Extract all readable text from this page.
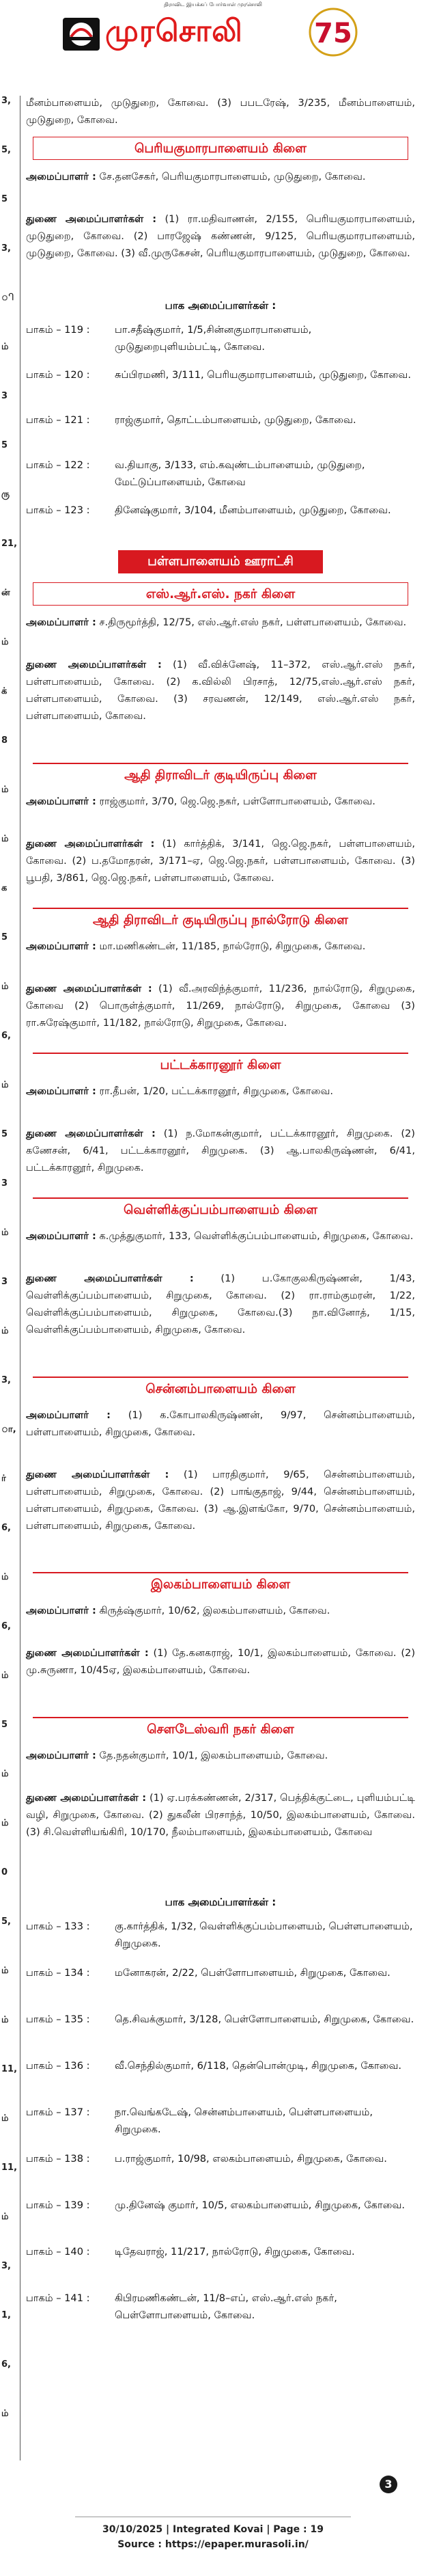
திராவிட இயக்கப் போர்வாள் முரசொலி
முரசொலி	75
3,
5,
5
3,
ி
ம்
3
5
ரு
21,
ன்
ம்
க்
8
ம்
ம்
க
5
ம்
6,
ம்
5
3
ம்
3
ம்
3,
ா,
ர்
6,
ம்
6,
ம்
5
ம்
ம்
0
5,
ம்
ம்
11,
ம்
11,
ம்
3,
1,
6,
ம்
மீனம்பாளையம், முடுதுறை, கோவை. (3) பபடரேஷ், 3/235, மீனம்பாளையம், முடுதுறை, கோவை.
பெரியகுமாரபாளையம் கிளை
அமைப்பாளர் : சே.தனசேகர், பெரியகுமாரபாளையம், முடுதுறை, கோவை.
துணை அமைப்பாளர்கள் : (1) ரா.மதிவாணன், 2/155, பெரியகுமாரபாளையம், முடுதுறை, கோவை. (2) பாரஜேஷ் கண்ணன், 9/125, பெரியகுமாரபாளையம், முடுதுறை, கோவை. (3) வீ.முருகேசன், பெரியகுமாரபாளையம், முடுதுறை, கோவை.
பாக அமைப்பாளர்கள் :
பாகம் – 119 :	பா.சதீஷ்குமார், 1/5,சின்னகுமாரபாளையம், முடுதுறைபுளியம்பட்டி, கோவை.
பாகம் – 120 :	சுப்பிரமணி, 3/111, பெரியகுமாரபாளையம், முடுதுறை, கோவை.
பாகம் – 121 :	ராஜ்குமார், தொட்டம்பாளையம், முடுதுறை, கோவை.
பாகம் – 122 :	வ.தியாகு, 3/133, எம்.கவுண்டம்பாளையம், முடுதுறை, மேட்டுப்பாளையம், கோவை
பாகம் – 123 :	தினேஷ்குமார், 3/104, மீனம்பாளையம், முடுதுறை, கோவை.
பள்ளபாளையம் ஊராட்சி
எஸ்.ஆர்.எஸ். நகர் கிளை
அமைப்பாளர் : ச.திருமூர்த்தி, 12/75, எஸ்.ஆர்.எஸ் நகர், பள்ளபாளையம், கோவை.
துணை அமைப்பாளர்கள் : (1) வீ.விக்னேஷ், 11–372, எஸ்.ஆர்.எஸ் நகர், பள்ளபாளையம், கோவை. (2) க.வில்லி பிரசாத், 12/75,எஸ்.ஆர்.எஸ் நகர், பள்ளபாளையம், கோவை. (3) சரவணன், 12/149, எஸ்.ஆர்.எஸ் நகர், பள்ளபாளையம், கோவை.
ஆதி திராவிடர் குடியிருப்பு கிளை
அமைப்பாளர் : ராஜ்குமார், 3/70, ஜெ.ஜெ.நகர், பள்ளோபாளையம், கோவை.
துணை அமைப்பாளர்கள் : (1) கார்த்திக், 3/141, ஜெ.ஜெ.நகர், பள்ளபாளையம், கோவை. (2) ப.தமோதரன், 3/171–ஏ, ஜெ.ஜெ.நகர், பள்ளபாளையம், கோவை. (3) பூபதி, 3/861, ஜெ.ஜெ.நகர், பள்ளபாளையம், கோவை.
ஆதி திராவிடர் குடியிருப்பு நால்ரோடு கிளை
அமைப்பாளர் : மா.மணிகண்டன், 11/185, நால்ரோடு, சிறுமுகை, கோவை.
துணை அமைப்பாளர்கள் : (1) வீ.அரவிந்த்குமார், 11/236, நால்ரோடு, சிறுமுகை, கோவை (2) பொருள்த்குமார், 11/269, நால்ரோடு, சிறுமுகை, கோவை (3) ரா.சுரேஷ்குமார், 11/182, நால்ரோடு, சிறுமுகை, கோவை.
பட்டக்காரனூர் கிளை
அமைப்பாளர் : ரா.தீபன், 1/20, பட்டக்காரனூர், சிறுமுகை, கோவை.
துணை அமைப்பாளர்கள் : (1) ந.மோகன்குமார், பட்டக்காரனூர், சிறுமுகை. (2) கணேசன், 6/41, பட்டக்காரனூர், சிறுமுகை. (3) ஆ.பாலகிருஷ்ணன், 6/41, பட்டக்காரனூர், சிறுமுகை.
வெள்ளிக்குப்பம்பாளையம் கிளை
அமைப்பாளர் : க.முத்துகுமார், 133, வெள்ளிக்குப்பம்பாளையம், சிறுமுகை, கோவை.
துணை அமைப்பாளர்கள் :	(1) ப.கோகுலகிருஷ்ணன், 1/43, வெள்ளிக்குப்பம்பாளையம், சிறுமுகை, கோவை. (2) ரா.ராம்குமரன், 1/22, வெள்ளிக்குப்பம்பாளையம், சிறுமுகை, கோவை.(3) நா.வினோத், 1/15, வெள்ளிக்குப்பம்பாளையம், சிறுமுகை, கோவை.
சென்னம்பாளையம் கிளை
அமைப்பாளர் : (1) க.கோபாலகிருஷ்ணன், 9/97, சென்னம்பாளையம், பள்ளபாளையம், சிறுமுகை, கோவை.
துணை அமைப்பாளர்கள் : (1) பாரதிகுமார், 9/65, சென்னம்பாளையம், பள்ளபாளையம், சிறுமுகை, கோவை. (2) பாங்குதாஜ், 9/44, சென்னம்பாளையம், பள்ளபாளையம், சிறுமுகை, கோவை. (3) ஆ.இளங்கோ, 9/70, சென்னம்பாளையம், பள்ளபாளையம், சிறுமுகை, கோவை.
இலகம்பாளையம் கிளை
அமைப்பாளர் : கிருத்ஷ்குமார், 10/62, இலகம்பாளையம், கோவை.
துணை அமைப்பாளர்கள் : (1) தே.கனகராஜ், 10/1, இலகம்பாளையம், கோவை. (2) மு.சுருணா, 10/45ஏ, இலகம்பாளையம், கோவை.
சௌடேஸ்வரி நகர் கிளை
அமைப்பாளர் : தே.நதன்குமார், 10/1, இலகம்பாளையம், கோவை.
துணை அமைப்பாளர்கள் : (1) ஏ.பரக்கண்ணன், 2/317, பெத்திக்குட்டை, புளியம்பட்டி வழி, சிறுமுகை, கோவை. (2) துகலீன் பிரசாந்த், 10/50, இலகம்பாளையம், கோவை. (3) சி.வெள்ளியங்கிரி, 10/170, நீலம்பாளையம், இலகம்பாளையம், கோவை
பாக அமைப்பாளர்கள் :
பாகம் – 133 :	கு.கார்த்திக், 1/32, வெள்ளிக்குப்பம்பாளையம், பெள்ளபாளையம், சிறுமுகை.
பாகம் – 134 :	மனோகரன், 2/22, பெள்ளோபாளையம், சிறுமுகை, கோவை.
பாகம் – 135 :	தெ.சிவக்குமார், 3/128, பெள்ளோபாளையம், சிறுமுகை, கோவை.
பாகம் – 136 :	வீ.செந்தில்குமார், 6/118, தென்பொன்முடி, சிறுமுகை, கோவை.
பாகம் – 137 :	நா.வெங்கடேஷ், சென்னம்பாளையம், பெள்ளபாளையம், சிறுமுகை.
பாகம் – 138 :	ப.ராஜ்குமார், 10/98, எலகம்பாளையம், சிறுமுகை, கோவை.
பாகம் – 139 :	மு.தினேஷ் குமார், 10/5, எலகம்பாளையம், சிறுமுகை, கோவை.
பாகம் – 140 :	டிதேவராஜ், 11/217, நால்ரோடு, சிறுமுகை, கோவை.
பாகம் – 141 :	கிபிரமணிகண்டன், 11/8–எப், எஸ்.ஆர்.எஸ் நகர், பெள்ளோபாளையம், கோவை.
3
30/10/2025 | Integrated Kovai | Page : 19
Source : https://epaper.murasoli.in/
